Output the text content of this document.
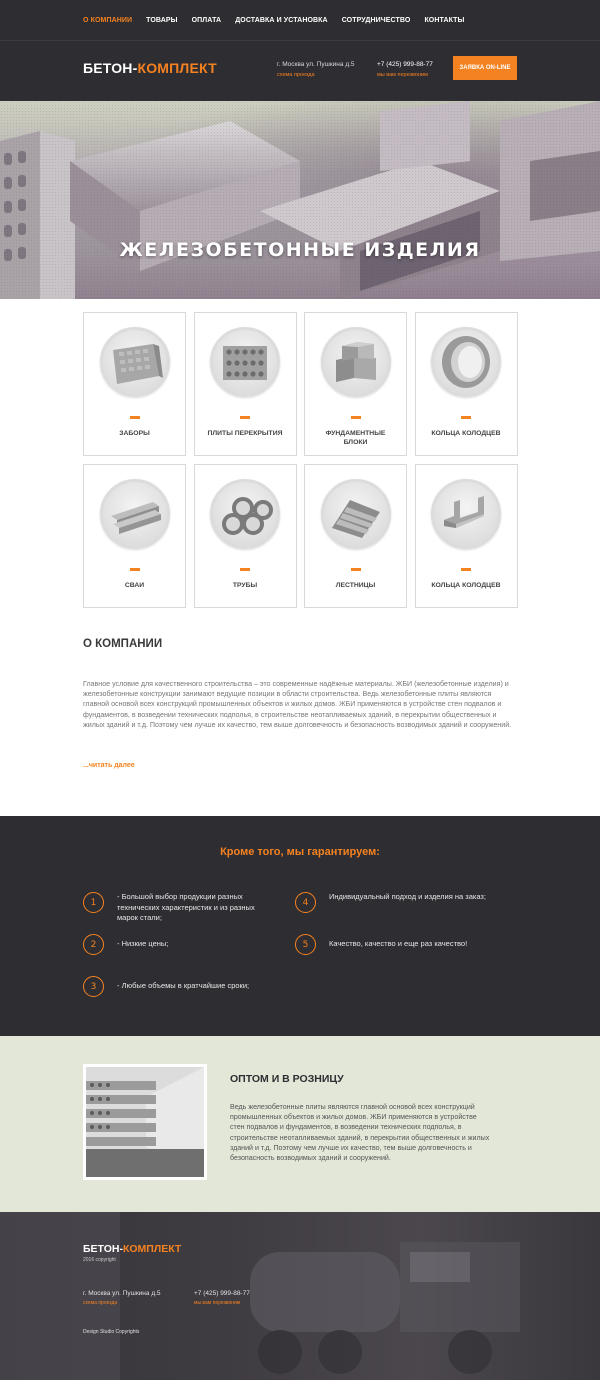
О КОМПАНИИ ТОВАРЫ ОПЛАТА ДОСТАВКА И УСТАНОВКА СОТРУДНИЧЕСТВО КОНТАКТЫ
БЕТОН-КОМПЛЕКТ	г. Москва ул. Пушкина д.5
схема проезда
+7 (425) 999-88-77
мы вам перезвоним
ЗАЯВКА ON-LINE
ЖЕЛЕЗОБЕТОННЫЕ ИЗДЕЛИЯ
ЗАБОРЫ	ПЛИТЫ ПЕРЕКРЫТИЯ	ФУНДАМЕНТНЫЕ БЛОКИ
КОЛЬЦА КОЛОДЦЕВ
СВАИ	ТРУБЫ	ЛЕСТНИЦЫ	КОЛЬЦА КОЛОДЦЕВ
О КОМПАНИИ

Главное условие для качественного строительства – это современные надёжные материалы. ЖБИ (железобетонные изделия) и железобетонные конструкции занимают ведущие позиции в области строительства. Ведь железобетонные плиты являются главной основой всех конструкций промышленных объектов и жилых домов. ЖБИ применяются в устройстве стен подвалов и фундаментов, в возведении технических подполья, в строительстве неотапливаемых зданий, в перекрытии общественных и жилых зданий и т.д. Поэтому чем лучше их качество, тем выше долговечность и безопасность возводимых зданий и сооружений.

...читать далее
Кроме того, мы гарантируем:
1
- Большой выбор продукции разных технических характеристик и из разных марок стали;
2	- Низкие цены;
3	- Любые объемы в кратчайшие сроки;
4
Индивидуальный подход и изделия на заказ;
5	Качество, качество и еще раз качество!
ОПТОМ И В РОЗНИЦУ
Ведь железобетонные плиты являются главной основой всех конструкций промышленных объектов и жилых домов. ЖБИ применяются в устройстве стен подвалов и фундаментов, в возведении технических подполья, в строительстве неотапливаемых зданий, в перекрытии общественных и жилых зданий и т.д. Поэтому чем лучше их качество, тем выше долговечность и безопасность возводимых зданий и сооружений.
БЕТОН-КОМПЛЕКТ
2016 copyright
г. Москва ул. Пушкина д.5
схема проезда
+7 (425) 999-88-77
мы вам перезвоним
Design Studio Copyrights
